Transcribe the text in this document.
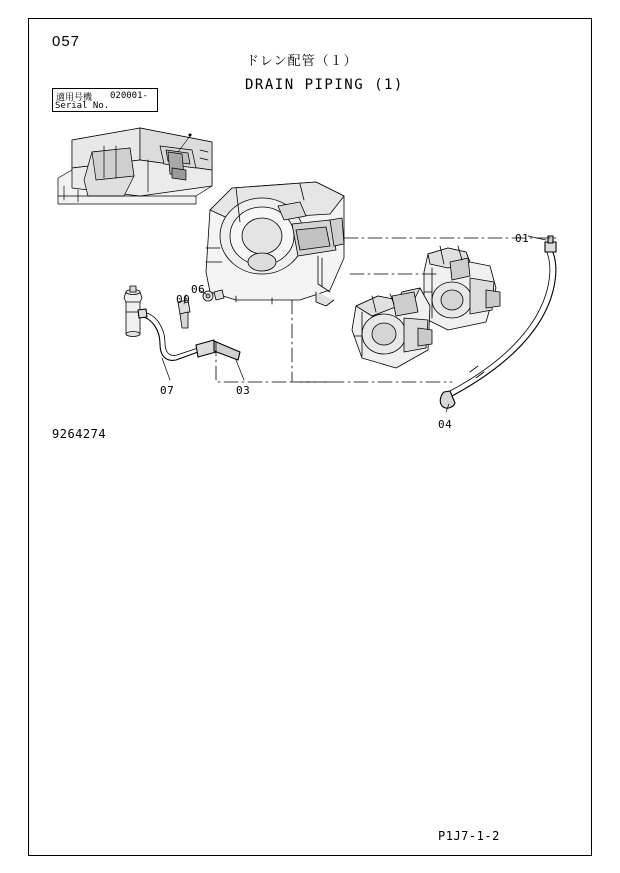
057
ドレン配管（１）
DRAIN PIPING (1)
適用号機 020001-
Serial No.
01
00
06
07	03
04
9264274
P1J7-1-2
